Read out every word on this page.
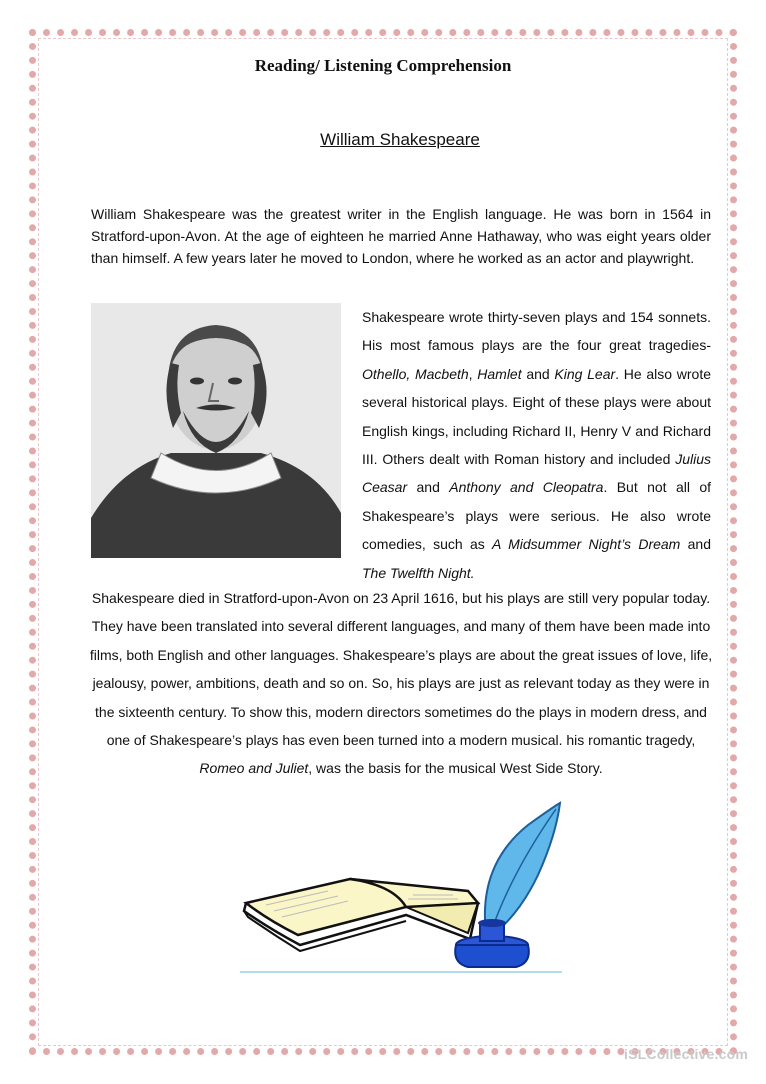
Reading/ Listening Comprehension
William Shakespeare

William Shakespeare was the greatest writer in the English language. He was born in 1564 in Stratford-upon-Avon. At the age of eighteen he married Anne Hathaway, who was eight years older than himself. A few years later he moved to London, where he worked as an actor and playwright.

Shakespeare wrote thirty-seven plays and 154 sonnets. His most famous plays are the four great tragedies- Othello, Macbeth, Hamlet and King Lear. He also wrote several historical plays. Eight of these plays were about English kings, including Richard II, Henry V and Richard III. Others dealt with Roman history and included Julius Ceasar and Anthony and Cleopatra. But not all of Shakespeare’s plays were serious. He also wrote comedies, such as A Midsummer Night’s Dream and The Twelfth Night.

Shakespeare died in Stratford-upon-Avon on 23 April 1616, but his plays are still very popular today. They have been translated into several different languages, and many of them have been made into films, both English and other languages. Shakespeare’s plays are about the great issues of love, life, jealousy, power, ambitions, death and so on. So, his plays are just as relevant today as they were in the sixteenth century. To show this, modern directors sometimes do the plays in modern dress, and one of Shakespeare’s plays has even been turned into a modern musical. his romantic tragedy, Romeo and Juliet, was the basis for the musical West Side Story.

iSLCollective.com
